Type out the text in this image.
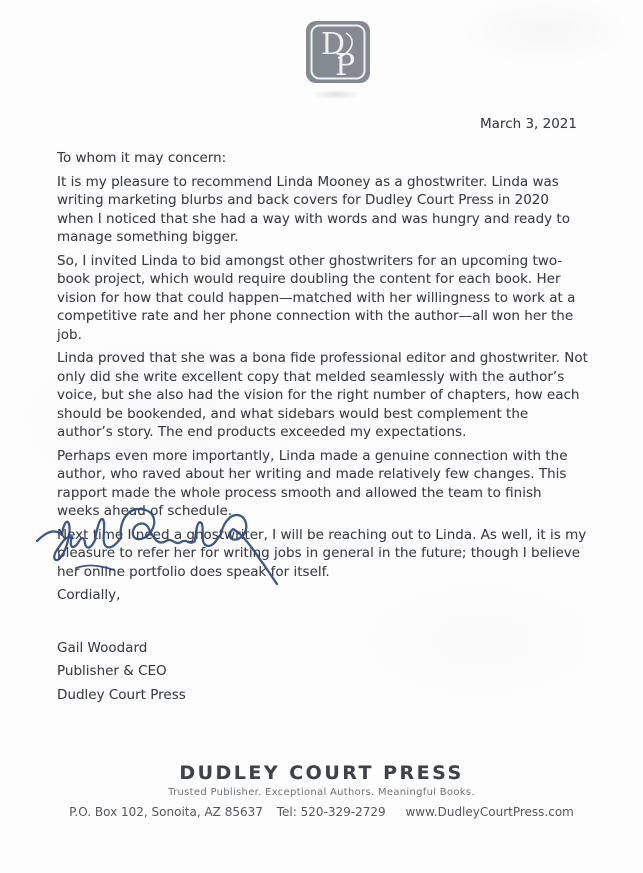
D
P
March 3, 2021

To whom it may concern:

It is my pleasure to recommend Linda Mooney as a ghostwriter. Linda was writing marketing blurbs and back covers for Dudley Court Press in 2020 when I noticed that she had a way with words and was hungry and ready to manage something bigger.

So, I invited Linda to bid amongst other ghostwriters for an upcoming two-book project, which would require doubling the content for each book. Her vision for how that could happen—matched with her willingness to work at a competitive rate and her phone connection with the author—all won her the job.

Linda proved that she was a bona fide professional editor and ghostwriter. Not only did she write excellent copy that melded seamlessly with the author’s voice, but she also had the vision for the right number of chapters, how each should be bookended, and what sidebars would best complement the author’s story. The end products exceeded my expectations.

Perhaps even more importantly, Linda made a genuine connection with the author, who raved about her writing and made relatively few changes. This rapport made the whole process smooth and allowed the team to finish weeks ahead of schedule.

Next time I need a ghostwriter, I will be reaching out to Linda. As well, it is my pleasure to refer her for writing jobs in general in the future; though I believe her online portfolio does speak for itself.

Cordially,

Gail Woodard

Publisher & CEO

Dudley Court Press

DUDLEY COURT PRESS
Trusted Publisher. Exceptional Authors. Meaningful Books.
P.O. Box 102, Sonoita, AZ 85637 Tel: 520-329-2729 www.DudleyCourtPress.com
